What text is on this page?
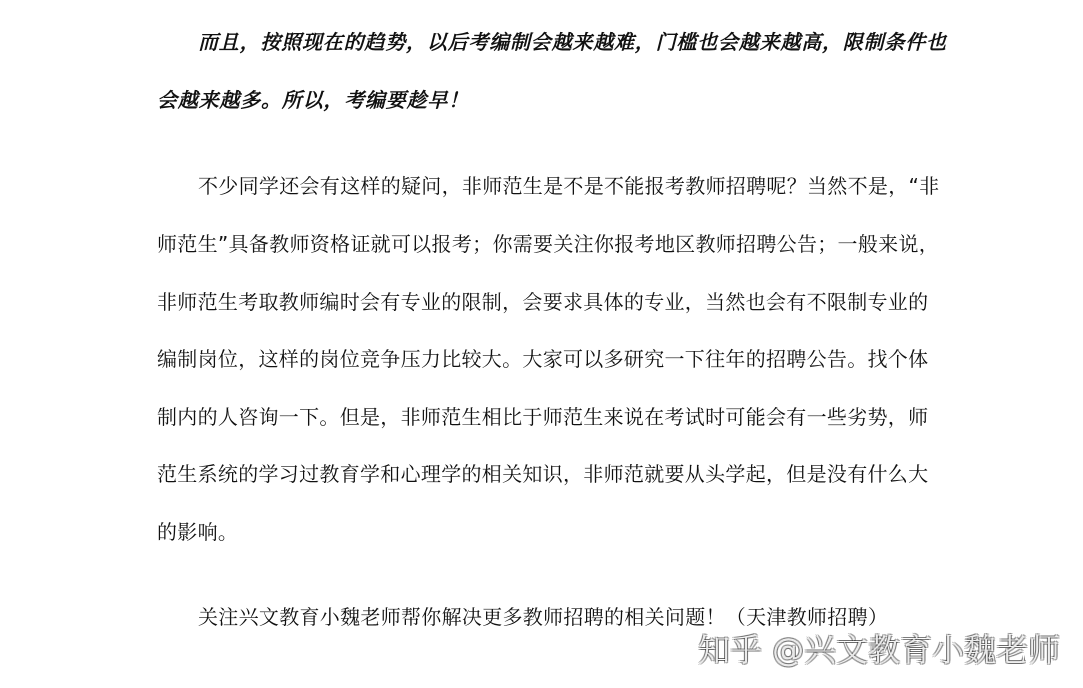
而且，按照现在的趋势，以后考编制会越来越难，门槛也会越来越高，限制条件也
会越来越多。所以，考编要趁早！
不少同学还会有这样的疑问，非师范生是不是不能报考教师招聘呢？当然不是，“非
师范生”具备教师资格证就可以报考；你需要关注你报考地区教师招聘公告；一般来说，
非师范生考取教师编时会有专业的限制，会要求具体的专业，当然也会有不限制专业的
编制岗位，这样的岗位竞争压力比较大。大家可以多研究一下往年的招聘公告。找个体
制内的人咨询一下。但是，非师范生相比于师范生来说在考试时可能会有一些劣势，师
范生系统的学习过教育学和心理学的相关知识，非师范就要从头学起，但是没有什么大
的影响。
关注兴文教育小魏老师帮你解决更多教师招聘的相关问题！（天津教师招聘）
知乎 @兴文教育小魏老师
